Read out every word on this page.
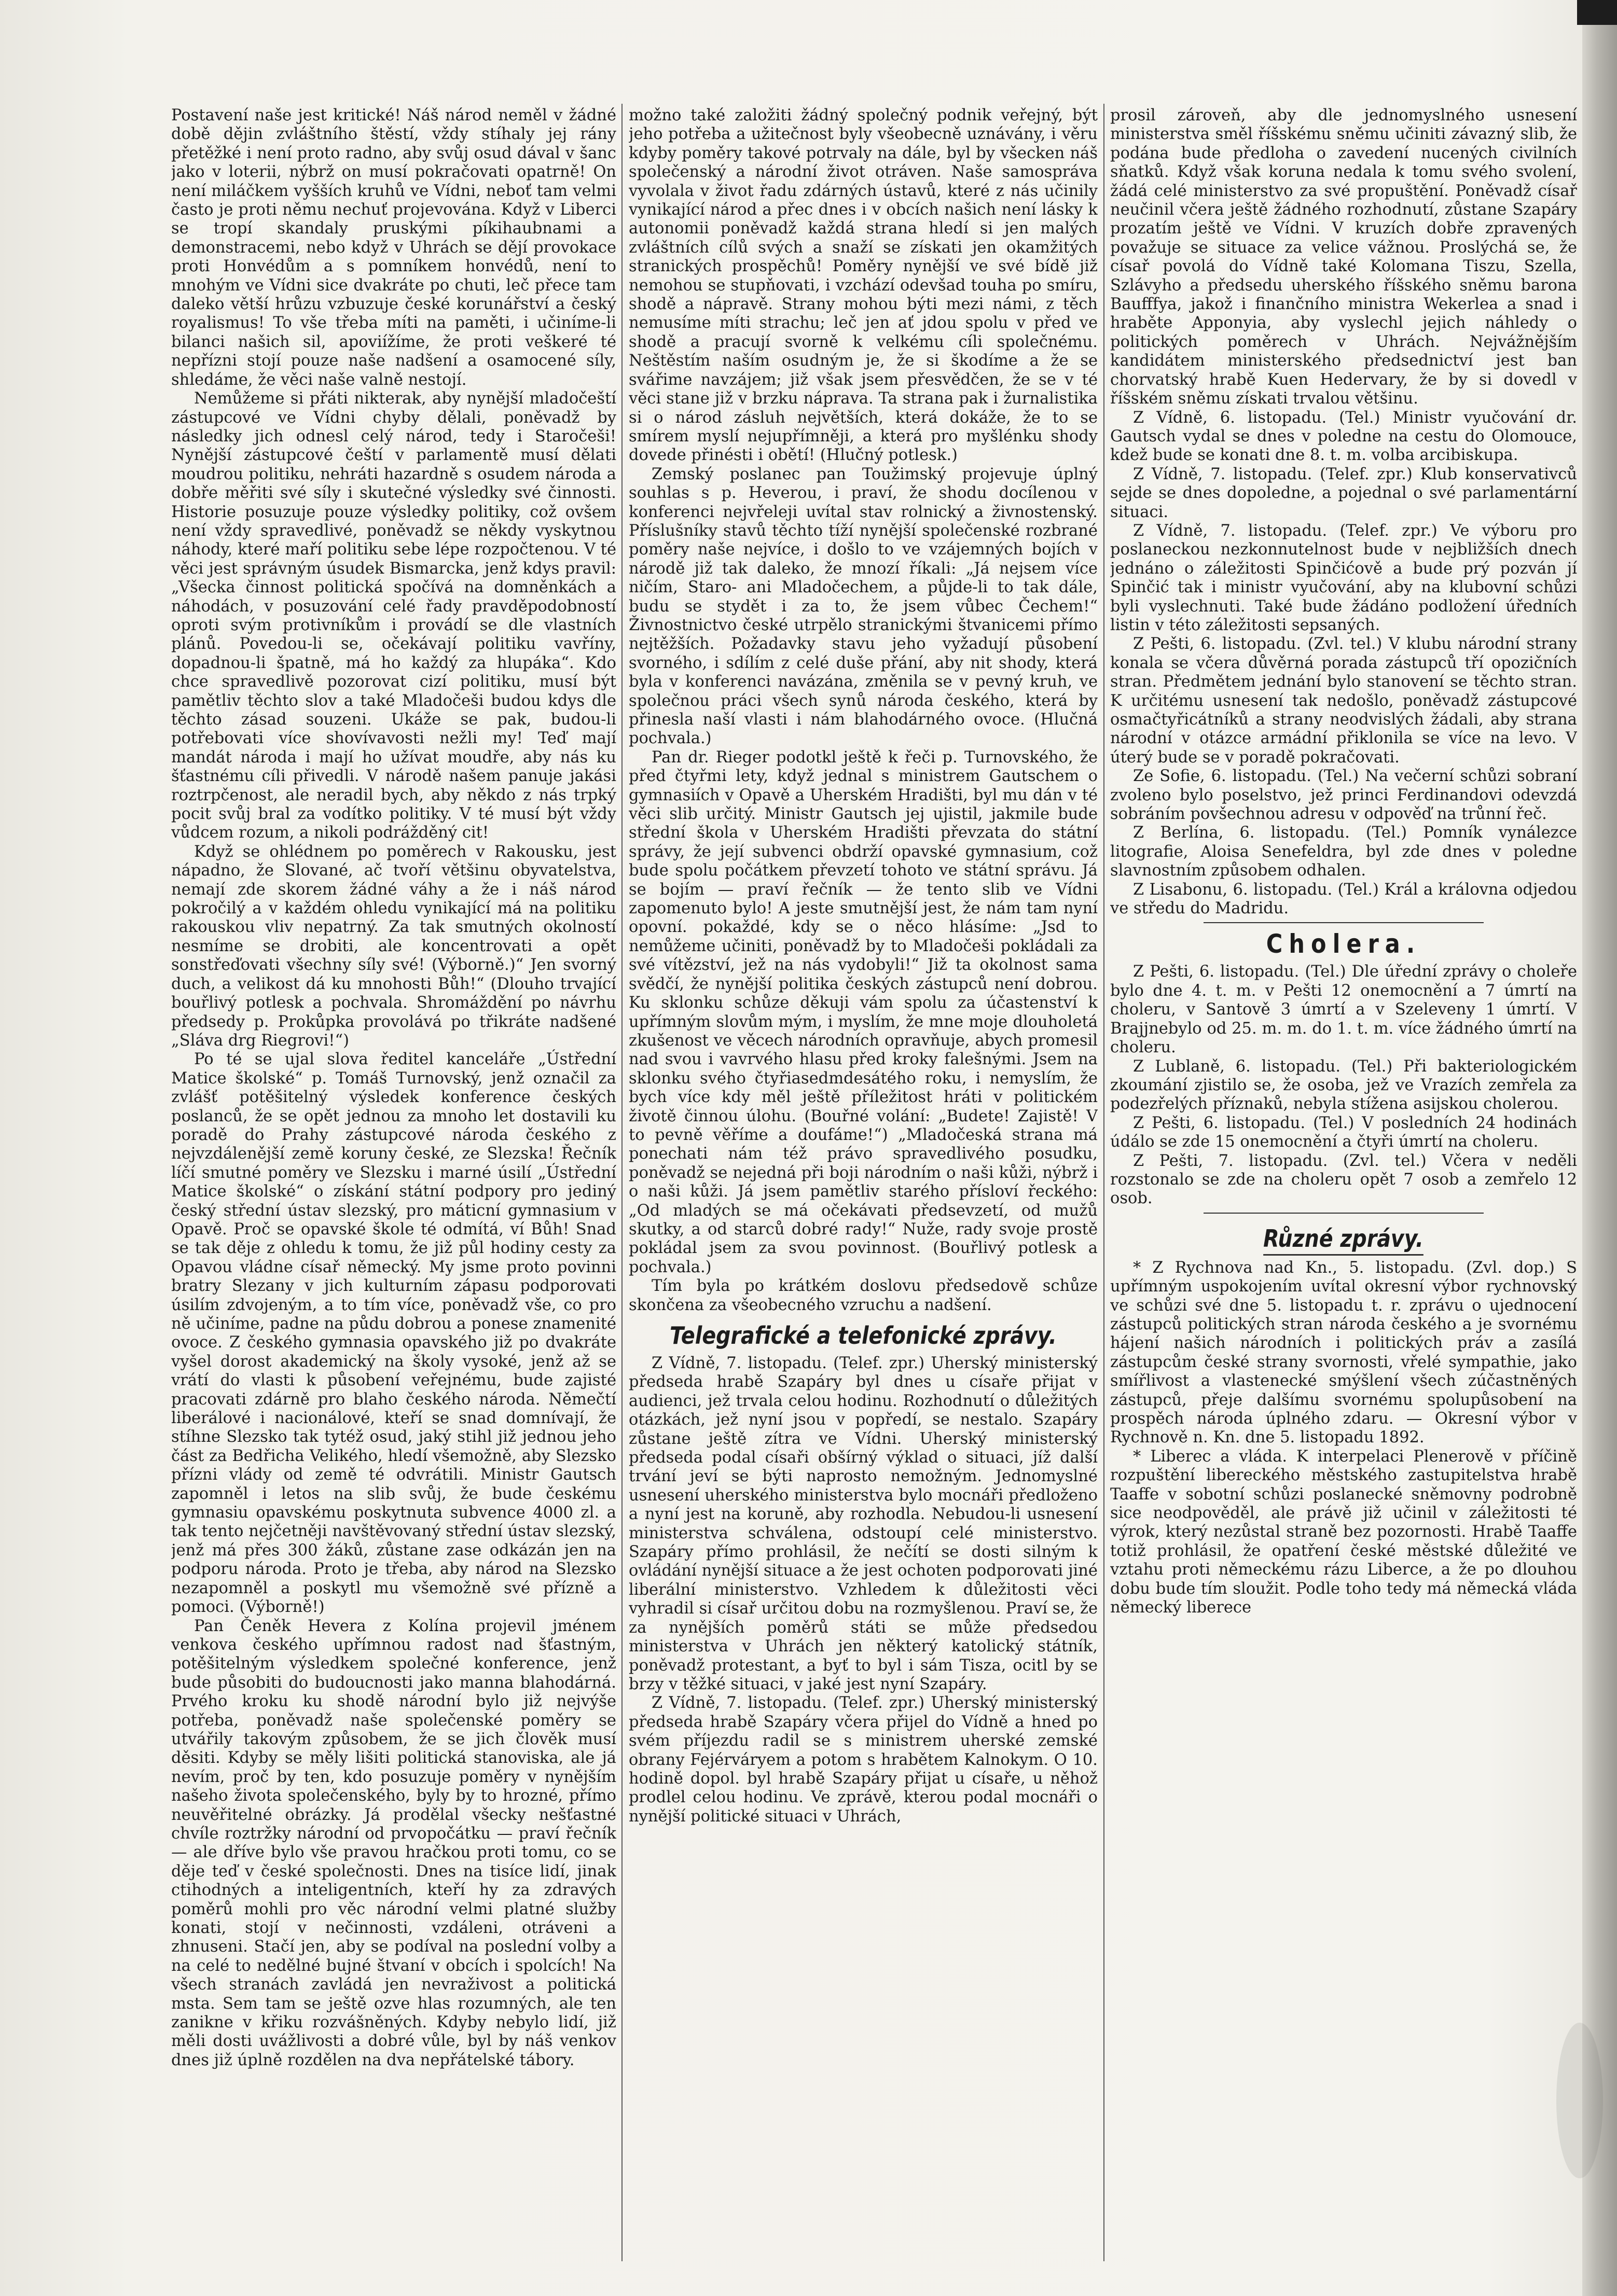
Postavení naše jest kritické! Náš národ neměl v žádné době dějin zvláštního štěstí, vždy stíhaly jej rány přetěžké i není proto radno, aby svůj osud dával v šanc jako v loterii, nýbrž on musí pokračovati opatrně! On není miláčkem vyšších kruhů ve Vídni, neboť tam velmi často je proti němu nechuť projevována. Když v Liberci se tropí skandaly pruskými píkihaubnami a demonstracemi, nebo když v Uhrách se dějí provokace proti Honvédům a s pomníkem honvédů, není to mnohým ve Vídni sice dvakráte po chuti, leč přece tam daleko větší hrůzu vzbuzuje české korunářství a český royalismus! To vše třeba míti na paměti, i učiníme-li bilanci našich sil, apoviížíme, že proti veškeré té nepřízni stojí pouze naše nadšení a osamocené síly, shledáme, že věci naše valně nestojí.

Nemůžeme si přáti nikterak, aby nynější mladočeští zástupcové ve Vídni chyby dělali, poněvadž by následky jich odnesl celý národ, tedy i Staročeši! Nynější zástupcové čeští v parlamentě musí dělati moudrou politiku, nehráti hazardně s osudem národa a dobře měřiti své síly i skutečné výsledky své činnosti. Historie posuzuje pouze výsledky politiky, což ovšem není vždy spravedlivé, poněvadž se někdy vyskytnou náhody, které maří politiku sebe lépe rozpočtenou. V té věci jest správným úsudek Bismarcka, jenž kdys pravil: „Všecka činnost politická spočívá na domněnkách a náhodách, v posuzování celé řady pravděpodobností oproti svým protivníkům i provádí se dle vlastních plánů. Povedou-li se, očekávají politiku vavříny, dopadnou-li špatně, má ho každý za hlupáka“. Kdo chce spravedlivě pozorovat cizí politiku, musí být pamětliv těchto slov a také Mladočeši budou kdys dle těchto zásad souzeni. Ukáže se pak, budou-li potřebovati více shovívavosti nežli my! Teď mají mandát národa i mají ho užívat moudře, aby nás ku šťastnému cíli přivedli. V národě našem panuje jakási roztrpčenost, ale neradil bych, aby někdo z nás trpký pocit svůj bral za vodítko politiky. V té musí být vždy vůdcem rozum, a nikoli podrážděný cit!

Když se ohlédnem po poměrech v Rakousku, jest nápadno, že Slované, ač tvoří většinu obyvatelstva, nemají zde skorem žádné váhy a že i náš národ pokročilý a v každém ohledu vynikající má na politiku rakouskou vliv nepatrný. Za tak smutných okolností nesmíme se drobiti, ale koncentrovati a opět sonstřeďovati všechny síly své! (Výborně.)“ Jen svorný duch, a velikost dá ku mnohosti Bůh!“ (Dlouho trvající bouřlivý potlesk a pochvala. Shromáždění po návrhu předsedy p. Prokůpka provolává po třikráte nadšené „Sláva drg Riegrovi!“)

Po té se ujal slova ředitel kanceláře „Ústřední Matice školské“ p. Tomáš Turnovský, jenž označil za zvlášť potěšitelný výsledek konference českých poslanců, že se opět jednou za mnoho let dostavili ku poradě do Prahy zástupcové národa českého z nejvzdálenější země koruny české, ze Slezska! Řečník líčí smutné poměry ve Slezsku i marné úsilí „Ústřední Matice školské“ o získání státní podpory pro jediný český střední ústav slezský, pro máticní gymnasium v Opavě. Proč se opavské škole té odmítá, ví Bůh! Snad se tak děje z ohledu k tomu, že již půl hodiny cesty za Opavou vládne císař německý. My jsme proto povinni bratry Slezany v jich kulturním zápasu podporovati úsilím zdvojeným, a to tím více, poněvadž vše, co pro ně učiníme, padne na půdu dobrou a ponese znamenité ovoce. Z českého gymnasia opavského již po dvakráte vyšel dorost akademický na školy vysoké, jenž až se vrátí do vlasti k působení veřejnému, bude zajisté pracovati zdárně pro blaho českého národa. Němečtí liberálové i nacionálové, kteří se snad domnívají, že stíhne Slezsko tak tytéž osud, jaký stihl již jednou jeho část za Bedřicha Velikého, hledí všemožně, aby Slezsko přízni vlády od země té odvrátili. Ministr Gautsch zapomněl i letos na slib svůj, že bude českému gymnasiu opavskému poskytnuta subvence 4000 zl. a tak tento nejčetněji navštěvovaný střední ústav slezský, jenž má přes 300 žáků, zůstane zase odkázán jen na podporu národa. Proto je třeba, aby národ na Slezsko nezapomněl a poskytl mu všemožně své přízně a pomoci. (Výborně!)

Pan Čeněk Hevera z Kolína projevil jménem venkova českého upřímnou radost nad šťastným, potěšitelným výsledkem společné konference, jenž bude působiti do budoucnosti jako manna blahodárná. Prvého kroku ku shodě národní bylo již nejvýše potřeba, poněvadž naše společenské poměry se utvářily takovým způsobem, že se jich člověk musí děsiti. Kdyby se měly lišiti politická stanoviska, ale já nevím, proč by ten, kdo posuzuje poměry v nynějším našeho života společenského, byly by to hrozné, přímo neuvěřitelné obrázky. Já prodělal všecky nešťastné chvíle roztržky národní od prvopočátku — praví řečník — ale dříve bylo vše pravou hračkou proti tomu, co se děje teď v české společnosti. Dnes na tisíce lidí, jinak ctihodných a inteligentních, kteří hy za zdravých poměrů mohli pro věc národní velmi platné služby konati, stojí v nečinnosti, vzdáleni, otráveni a zhnuseni. Stačí jen, aby se podíval na poslední volby a na celé to nedělné bujné štvaní v obcích i spolcích! Na všech stranách zavládá jen nevraživost a politická msta. Sem tam se ještě ozve hlas rozumných, ale ten zanikne v křiku rozvášněných. Kdyby nebylo lidí, již měli dosti uvážlivosti a dobré vůle, byl by náš venkov dnes již úplně rozdělen na dva nepřátelské tábory.

možno také založiti žádný společný podnik veřejný, být jeho potřeba a užitečnost byly všeobecně uznávány, i věru kdyby poměry takové potrvaly na dále, byl by všecken náš společenský a národní život otráven. Naše samospráva vyvolala v život řadu zdárných ústavů, které z nás učinily vynikající národ a přec dnes i v obcích našich není lásky k autonomii poněvadž každá strana hledí si jen malých zvláštních cílů svých a snaží se získati jen okamžitých stranických prospěchů! Poměry nynější ve své bídě již nemohou se stupňovati, i vzchází odevšad touha po smíru, shodě a nápravě. Strany mohou býti mezi námi, z těch nemusíme míti strachu; leč jen ať jdou spolu v před ve shodě a pracují svorně k velkému cíli společnému. Neštěstím naším osudným je, že si škodíme a že se svářime navzájem; již však jsem přesvědčen, že se v té věci stane již v brzku náprava. Ta strana pak i žurnalistika si o národ zásluh největších, která dokáže, že to se smírem myslí nejupřímněji, a která pro myšlénku shody dovede přinésti i obětí! (Hlučný potlesk.)

Zemský poslanec pan Toužimský projevuje úplný souhlas s p. Heverou, i praví, že shodu docílenou v konferenci nejvřeleji uvítal stav rolnický a živnostenský. Příslušníky stavů těchto tíží nynější společenské rozbrané poměry naše nejvíce, i došlo to ve vzájemných bojích v národě již tak daleko, že mnozí říkali: „Já nejsem více ničím, Staro- ani Mladočechem, a půjde-li to tak dále, budu se stydět i za to, že jsem vůbec Čechem!“ Živnostnictvo české utrpělo stranickými štvanicemi přímo nejtěžších. Požadavky stavu jeho vyžadují působení svorného, i sdílím z celé duše přání, aby nit shody, která byla v konferenci navázána, změnila se v pevný kruh, ve společnou práci všech synů národa českého, která by přinesla naší vlasti i nám blahodárného ovoce. (Hlučná pochvala.)

Pan dr. Rieger podotkl ještě k řeči p. Turnovského, že před čtyřmi lety, když jednal s ministrem Gautschem o gymnasiích v Opavě a Uherském Hradišti, byl mu dán v té věci slib určitý. Ministr Gautsch jej ujistil, jakmile bude střední škola v Uherském Hradišti převzata do státní správy, že její subvenci obdrží opavské gymnasium, což bude spolu počátkem převzetí tohoto ve státní správu. Já se bojím — praví řečník — že tento slib ve Vídni zapomenuto bylo! A jeste smutnější jest, že nám tam nyní opovní. pokaždé, kdy se o něco hlásíme: „Jsd to nemůžeme učiniti, poněvadž by to Mladočeši pokládali za své vítězství, jež na nás vydobyli!“ Již ta okolnost sama svědčí, že nynější politika českých zástupců není dobrou. Ku sklonku schůze děkuji vám spolu za účastenství k upřímným slovům mým, i myslím, že mne moje dlouholetá zkušenost ve věcech národních opravňuje, abych promesil nad svou i vavrvého hlasu před kroky falešnými. Jsem na sklonku svého čtyřiasedmdesátého roku, i nemyslím, že bych více kdy měl ještě příležitost hráti v politickém životě činnou úlohu. (Bouřné volání: „Budete! Zajistě! V to pevně věříme a doufáme!“) „Mladočeská strana má ponechati nám též právo spravedlivého posudku, poněvadž se nejedná při boji národním o naši kůži, nýbrž i o naši kůži. Já jsem pamětliv starého přísloví řeckého: „Od mladých se má očekávati předsevzetí, od mužů skutky, a od starců dobré rady!“ Nuže, rady svoje prostě pokládal jsem za svou povinnost. (Bouřlivý potlesk a pochvala.)

Tím byla po krátkém doslovu předsedově schůze skončena za všeobecného vzruchu a nadšení.

Telegrafické a telefonické zprávy.

Z Vídně, 7. listopadu. (Telef. zpr.) Uherský ministerský předseda hrabě Szapáry byl dnes u císaře přijat v audienci, jež trvala celou hodinu. Rozhodnutí o důležitých otázkách, jež nyní jsou v popředí, se nestalo. Szapáry zůstane ještě zítra ve Vídni. Uherský ministerský předseda podal císaři obšírný výklad o situaci, jíž další trvání jeví se býti naprosto nemožným. Jednomyslné usnesení uherského ministerstva bylo mocnáři předloženo a nyní jest na koruně, aby rozhodla. Nebudou-li usnesení ministerstva schválena, odstoupí celé ministerstvo. Szapáry přímo prohlásil, že nečítí se dosti silným k ovládání nynější situace a že jest ochoten podporovati jiné liberální ministerstvo. Vzhledem k důležitosti věci vyhradil si císař určitou dobu na rozmyšlenou. Praví se, že za nynějších poměrů státi se může předsedou ministerstva v Uhrách jen některý katolický státník, poněvadž protestant, a byť to byl i sám Tisza, ocitl by se brzy v těžké situaci, v jaké jest nyní Szapáry.

Z Vídně, 7. listopadu. (Telef. zpr.) Uherský ministerský předseda hrabě Szapáry včera přijel do Vídně a hned po svém příjezdu radil se s ministrem uherské zemské obrany Fejérváryem a potom s hrabětem Kalnokym. O 10. hodině dopol. byl hrabě Szapáry přijat u císaře, u něhož prodlel celou hodinu. Ve zprávě, kterou podal mocnáři o nynější politické situaci v Uhrách,

prosil zároveň, aby dle jednomyslného usnesení ministerstva směl říšskému sněmu učiniti závazný slib, že podána bude předloha o zavedení nucených civilních sňatků. Když však koruna nedala k tomu svého svolení, žádá celé ministerstvo za své propuštění. Poněvadž císař neučinil včera ještě žádného rozhodnutí, zůstane Szapáry prozatím ještě ve Vídni. V kruzích dobře zpravených považuje se situace za velice vážnou. Proslýchá se, že císař povolá do Vídně také Kolomana Tiszu, Szella, Szlávyho a předsedu uherského říšského sněmu barona Baufffya, jakož i finančního ministra Wekerlea a snad i hraběte Apponyia, aby vyslechl jejich náhledy o politických poměrech v Uhrách. Nejvážnějším kandidátem ministerského předsednictví jest ban chorvatský hrabě Kuen Hedervary, že by si dovedl v říšském sněmu získati trvalou většinu.

Z Vídně, 6. listopadu. (Tel.) Ministr vyučování dr. Gautsch vydal se dnes v poledne na cestu do Olomouce, kdež bude se konati dne 8. t. m. volba arcibiskupa.

Z Vídně, 7. listopadu. (Telef. zpr.) Klub konservativců sejde se dnes dopoledne, a pojednal o své parlamentární situaci.

Z Vídně, 7. listopadu. (Telef. zpr.) Ve výboru pro poslaneckou nezkonnutelnost bude v nejbližších dnech jednáno o záležitosti Spinčićově a bude prý pozván jí Spinčić tak i ministr vyučování, aby na klubovní schůzi byli vyslechnuti. Také bude žádáno podložení úředních listin v této záležitosti sepsaných.

Z Pešti, 6. listopadu. (Zvl. tel.) V klubu národní strany konala se včera důvěrná porada zástupců tří opozičních stran. Předmětem jednání bylo stanovení se těchto stran. K určitému usnesení tak nedošlo, poněvadž zástupcové osmačtyřicátníků a strany neodvislých žádali, aby strana národní v otázce armádní přiklonila se více na levo. V úterý bude se v poradě pokračovati.

Ze Sofie, 6. listopadu. (Tel.) Na večerní schůzi sobraní zvoleno bylo poselstvo, jež princi Ferdinandovi odevzdá sobráním povšechnou adresu v odpověď na trůnní řeč.

Z Berlína, 6. listopadu. (Tel.) Pomník vynálezce litografie, Aloisa Senefeldra, byl zde dnes v poledne slavnostním způsobem odhalen.

Z Lisabonu, 6. listopadu. (Tel.) Král a královna odjedou ve středu do Madridu.

Cholera.

Z Pešti, 6. listopadu. (Tel.) Dle úřední zprávy o choleře bylo dne 4. t. m. v Pešti 12 onemocnění a 7 úmrtí na choleru, v Santově 3 úmrtí a v Szeleveny 1 úmrtí. V Brajjnebylo od 25. m. m. do 1. t. m. více žádného úmrtí na choleru.

Z Lublaně, 6. listopadu. (Tel.) Při bakteriologickém zkoumání zjistilo se, že osoba, jež ve Vrazích zemřela za podezřelých příznaků, nebyla stížena asijskou cholerou.

Z Pešti, 6. listopadu. (Tel.) V posledních 24 hodinách údálo se zde 15 onemocnění a čtyři úmrtí na choleru.

Z Pešti, 7. listopadu. (Zvl. tel.) Včera v neděli rozstonalo se zde na choleru opět 7 osob a zemřelo 12 osob.

Různé zprávy.

* Z Rychnova nad Kn., 5. listopadu. (Zvl. dop.) S upřímným uspokojením uvítal okresní výbor rychnovský ve schůzi své dne 5. listopadu t. r. zprávu o ujednocení zástupců politických stran národa českého a je svornému hájení našich národních i politických práv a zasílá zástupcům české strany svornosti, vřelé sympathie, jako smířlivost a vlastenecké smýšlení všech zúčastněných zástupců, přeje dalšímu svornému spolupůsobení na prospěch národa úplného zdaru. — Okresní výbor v Rychnově n. Kn. dne 5. listopadu 1892.

* Liberec a vláda. K interpelaci Plenerově v příčině rozpuštění libereckého městského zastupitelstva hrabě Taaffe v sobotní schůzi poslanecké sněmovny podrobně sice neodpověděl, ale právě již učinil v záležitosti té výrok, který nezůstal straně bez pozornosti. Hrabě Taaffe totiž prohlásil, že opatření české městské důležité ve vztahu proti německému rázu Liberce, a že po dlouhou dobu bude tím sloužit. Podle toho tedy má německá vláda německý liberece
